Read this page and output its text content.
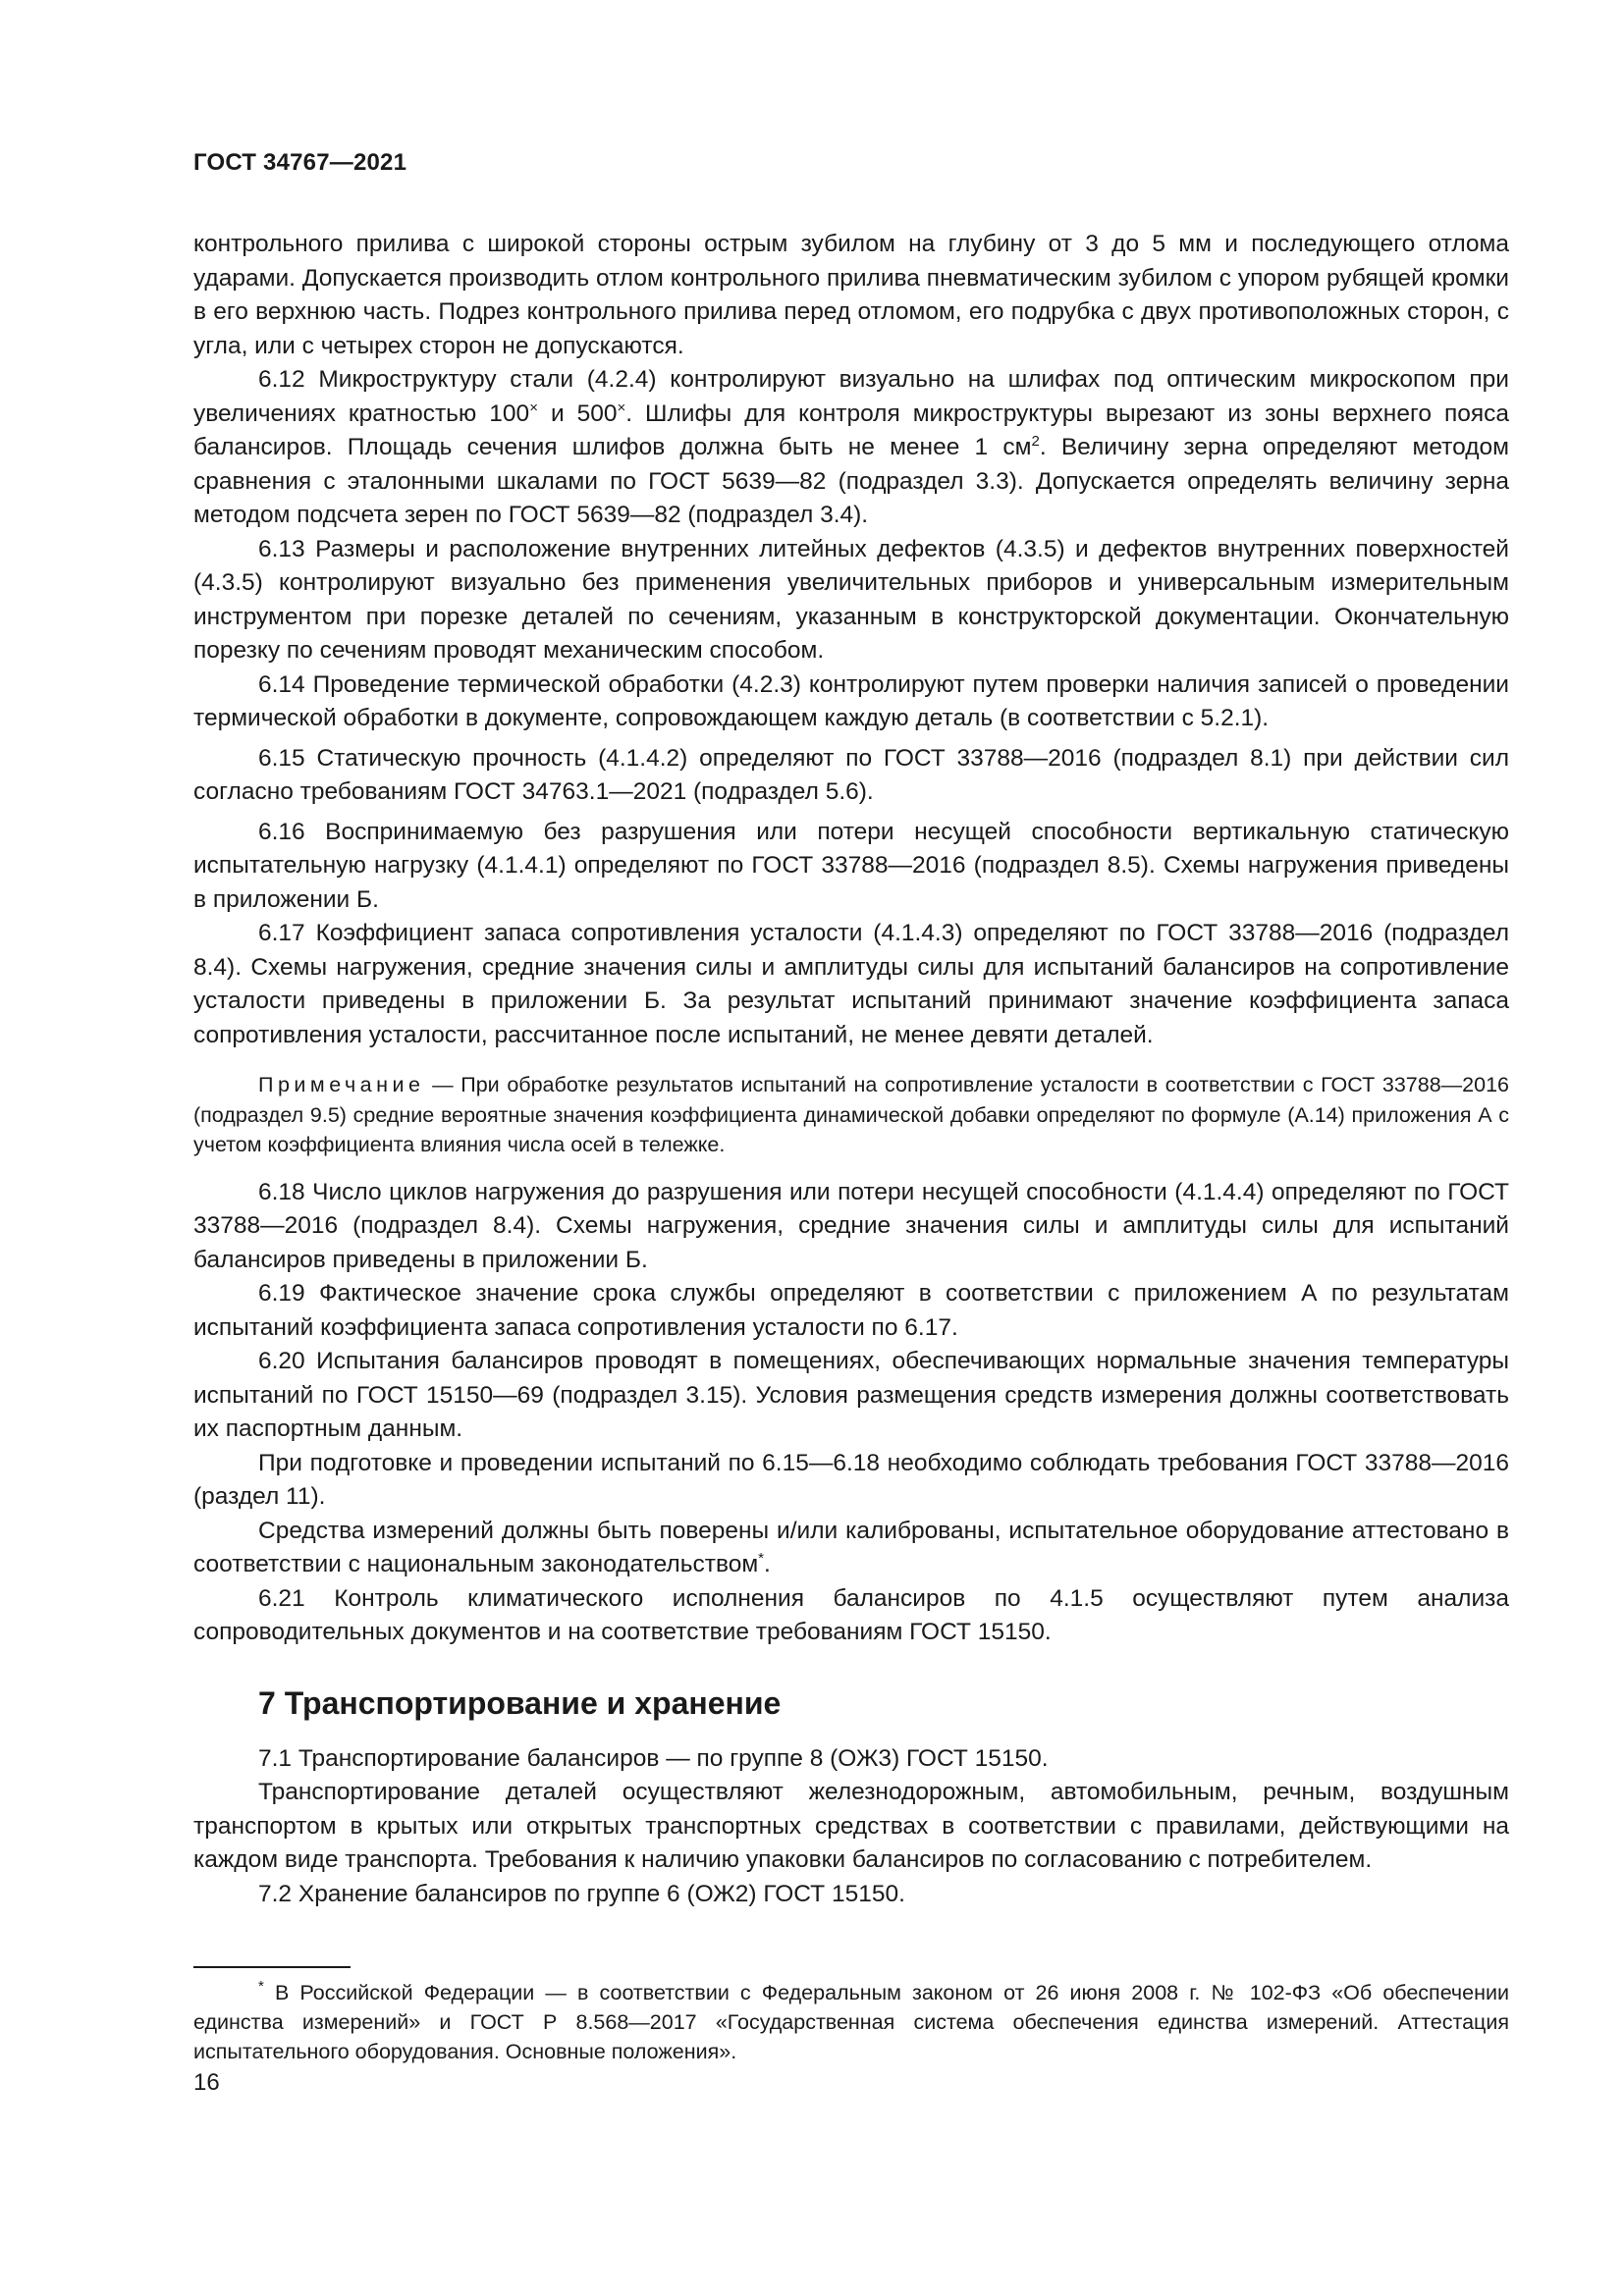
ГОСТ 34767—2021

контрольного прилива с широкой стороны острым зубилом на глубину от 3 до 5 мм и последующего отлома ударами. Допускается производить отлом контрольного прилива пневматическим зубилом с упором рубящей кромки в его верхнюю часть. Подрез контрольного прилива перед отломом, его подрубка с двух противоположных сторон, с угла, или с четырех сторон не допускаются.

6.12 Микроструктуру стали (4.2.4) контролируют визуально на шлифах под оптическим микроскопом при увеличениях кратностью 100× и 500×. Шлифы для контроля микроструктуры вырезают из зоны верхнего пояса балансиров. Площадь сечения шлифов должна быть не менее 1 $см^2$. Величину зерна определяют методом сравнения с эталонными шкалами по ГОСТ 5639—82 (подраздел 3.3). Допускается определять величину зерна методом подсчета зерен по ГОСТ 5639—82 (подраздел 3.4).

6.13 Размеры и расположение внутренних литейных дефектов (4.3.5) и дефектов внутренних поверхностей (4.3.5) контролируют визуально без применения увеличительных приборов и универсальным измерительным инструментом при порезке деталей по сечениям, указанным в конструкторской документации. Окончательную порезку по сечениям проводят механическим способом.

6.14 Проведение термической обработки (4.2.3) контролируют путем проверки наличия записей о проведении термической обработки в документе, сопровождающем каждую деталь (в соответствии с 5.2.1).

6.15 Статическую прочность (4.1.4.2) определяют по ГОСТ 33788—2016 (подраздел 8.1) при действии сил согласно требованиям ГОСТ 34763.1—2021 (подраздел 5.6).

6.16 Воспринимаемую без разрушения или потери несущей способности вертикальную статическую испытательную нагрузку (4.1.4.1) определяют по ГОСТ 33788—2016 (подраздел 8.5). Схемы нагружения приведены в приложении Б.

6.17 Коэффициент запаса сопротивления усталости (4.1.4.3) определяют по ГОСТ 33788—2016 (подраздел 8.4). Схемы нагружения, средние значения силы и амплитуды силы для испытаний балансиров на сопротивление усталости приведены в приложении Б. За результат испытаний принимают значение коэффициента запаса сопротивления усталости, рассчитанное после испытаний, не менее девяти деталей.

Примечание — При обработке результатов испытаний на сопротивление усталости в соответствии с ГОСТ 33788—2016 (подраздел 9.5) средние вероятные значения коэффициента динамической добавки определяют по формуле (А.14) приложения А с учетом коэффициента влияния числа осей в тележке.

6.18 Число циклов нагружения до разрушения или потери несущей способности (4.1.4.4) определяют по ГОСТ 33788—2016 (подраздел 8.4). Схемы нагружения, средние значения силы и амплитуды силы для испытаний балансиров приведены в приложении Б.

6.19 Фактическое значение срока службы определяют в соответствии с приложением А по результатам испытаний коэффициента запаса сопротивления усталости по 6.17.

6.20 Испытания балансиров проводят в помещениях, обеспечивающих нормальные значения температуры испытаний по ГОСТ 15150—69 (подраздел 3.15). Условия размещения средств измерения должны соответствовать их паспортным данным.

При подготовке и проведении испытаний по 6.15—6.18 необходимо соблюдать требования ГОСТ 33788—2016 (раздел 11).

Средства измерений должны быть поверены и/или калиброваны, испытательное оборудование аттестовано в соответствии с национальным законодательством*.

6.21 Контроль климатического исполнения балансиров по 4.1.5 осуществляют путем анализа сопроводительных документов и на соответствие требованиям ГОСТ 15150.

7 Транспортирование и хранение

7.1 Транспортирование балансиров — по группе 8 (ОЖ3) ГОСТ 15150.

Транспортирование деталей осуществляют железнодорожным, автомобильным, речным, воздушным транспортом в крытых или открытых транспортных средствах в соответствии с правилами, действующими на каждом виде транспорта. Требования к наличию упаковки балансиров по согласованию с потребителем.

7.2 Хранение балансиров по группе 6 (ОЖ2) ГОСТ 15150.

* В Российской Федерации — в соответствии с Федеральным законом от 26 июня 2008 г. № 102-ФЗ «Об обеспечении единства измерений» и ГОСТ Р 8.568—2017 «Государственная система обеспечения единства измерений. Аттестация испытательного оборудования. Основные положения».
16
